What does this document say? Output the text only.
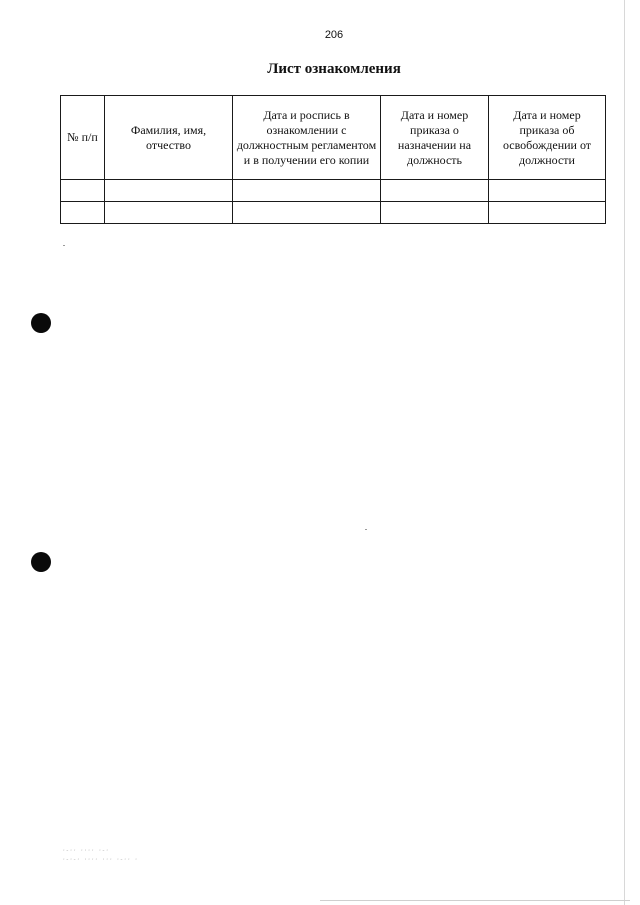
206
Лист ознакомления
№ п/п	Фамилия, имя, отчество	Дата и роспись в ознакомлении с должностным регламентом и в получении его копии	Дата и номер приказа о назначении на должность	Дата и номер приказа об освобождении от должности

·-·· ···· ·-·
·-·-· ···· ··· ·-·· ·
